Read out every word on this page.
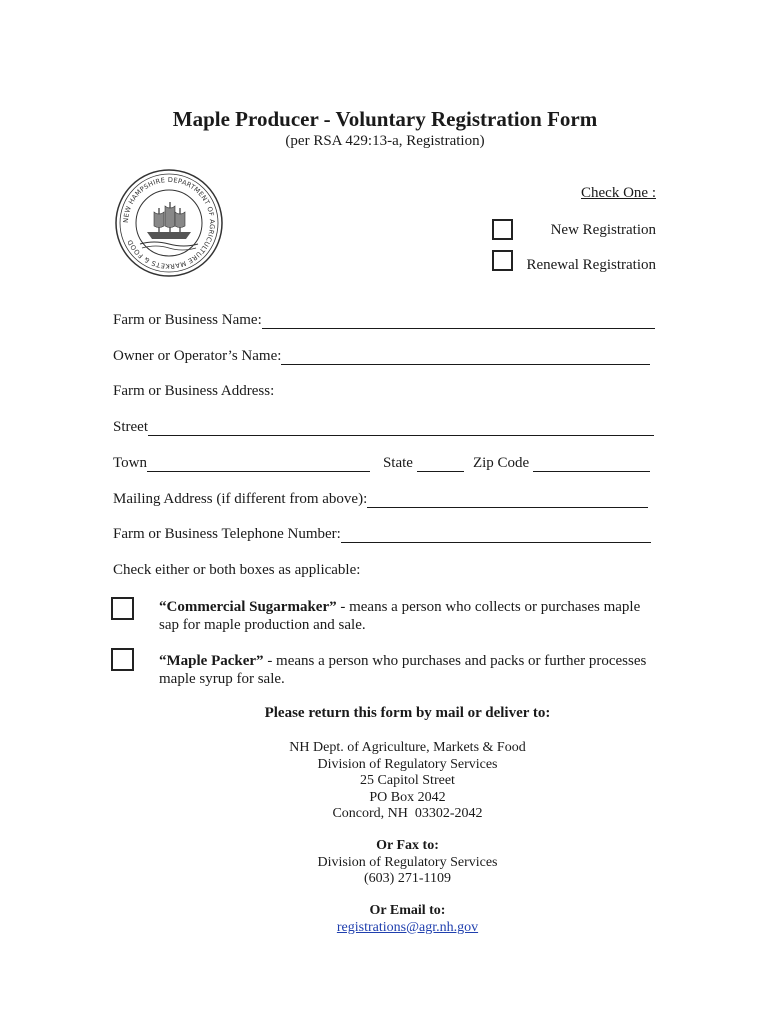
Maple Producer - Voluntary Registration Form
(per RSA 429:13-a, Registration)
NEW HAMPSHIRE DEPARTMENT OF AGRICULTURE MARKETS & FOOD
Check One :
New Registration
Renewal Registration
Farm or Business Name:
Owner or Operator’s Name:
Farm or Business Address:
Street
Town	State	Zip Code
Mailing Address (if different from above):
Farm or Business Telephone Number:
Check either or both boxes as applicable:
“Commercial Sugarmaker” - means a person who collects or purchases maple
sap for maple production and sale.
“Maple Packer” - means a person who purchases and packs or further processes
maple syrup for sale.
Please return this form by mail or deliver to:
NH Dept. of Agriculture, Markets & Food
Division of Regulatory Services
25 Capitol Street
PO Box 2042
Concord, NH  03302-2042
Or Fax to:
Division of Regulatory Services
(603) 271-1109
Or Email to:
registrations@agr.nh.gov
